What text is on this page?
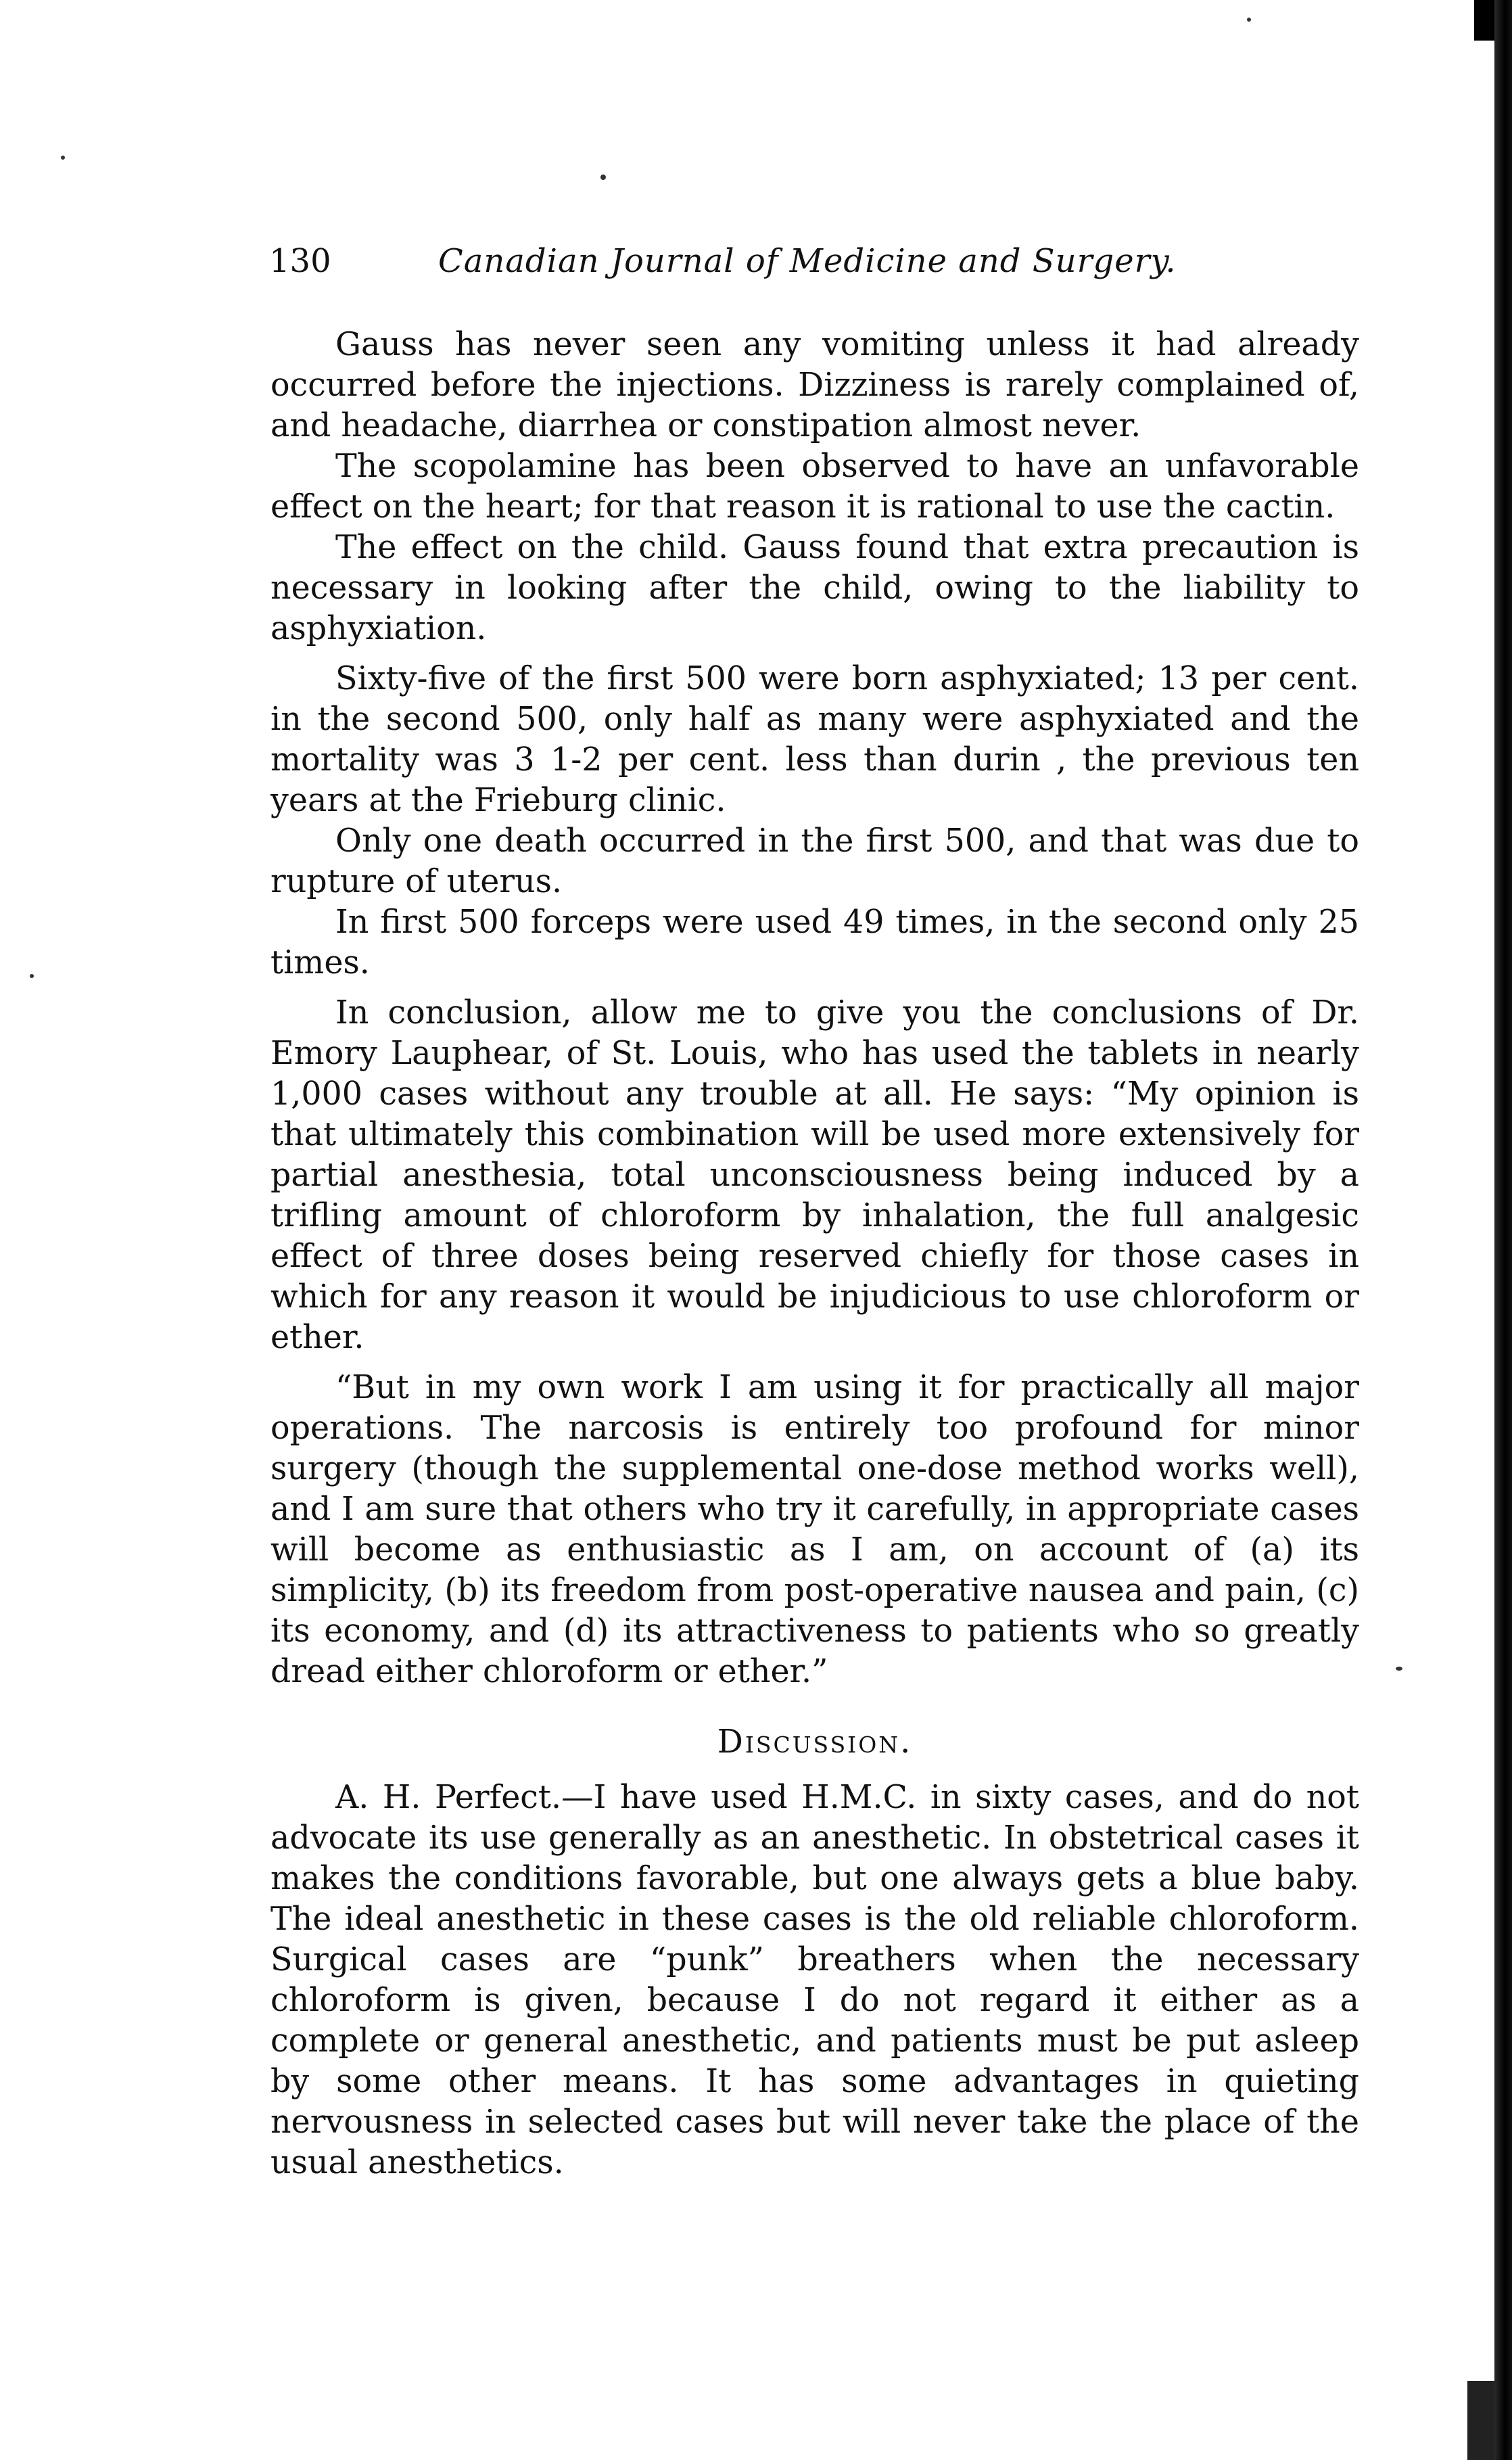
130	Canadian Journal of Medicine and Surgery.

Gauss has never seen any vomiting unless it had already occurred before the injections. Dizziness is rarely complained of, and headache, diarrhea or constipation almost never.

The scopolamine has been observed to have an unfavorable effect on the heart; for that reason it is rational to use the cactin.

The effect on the child. Gauss found that extra precaution is necessary in looking after the child, owing to the liability to asphyxiation.

Sixty-five of the first 500 were born asphyxiated; 13 per cent. in the second 500, only half as many were asphyxiated and the mortality was 3 1-2 per cent. less than durin , the previous ten years at the Frieburg clinic.

Only one death occurred in the first 500, and that was due to rupture of uterus.

In first 500 forceps were used 49 times, in the second only 25 times.

In conclusion, allow me to give you the conclusions of Dr. Emory Lauphear, of St. Louis, who has used the tablets in nearly 1,000 cases without any trouble at all. He says: “My opinion is that ultimately this combination will be used more extensively for partial anesthesia, total unconsciousness being induced by a trifling amount of chloroform by inhalation, the full analgesic effect of three doses being reserved chiefly for those cases in which for any reason it would be injudicious to use chloroform or ether.

“But in my own work I am using it for practically all major operations. The narcosis is entirely too profound for minor surgery (though the supplemental one-dose method works well), and I am sure that others who try it carefully, in appropriate cases will become as enthusiastic as I am, on account of (a) its simplicity, (b) its freedom from post-operative nausea and pain, (c) its economy, and (d) its attractiveness to patients who so greatly dread either chloroform or ether.”

Discussion.

A. H. Perfect.—I have used H.M.C. in sixty cases, and do not advocate its use generally as an anesthetic. In obstetrical cases it makes the conditions favorable, but one always gets a blue baby. The ideal anesthetic in these cases is the old reliable chloroform. Surgical cases are “punk” breathers when the necessary chloroform is given, because I do not regard it either as a complete or general anesthetic, and patients must be put asleep by some other means. It has some advantages in quieting nervousness in selected cases but will never take the place of the usual anesthetics.
